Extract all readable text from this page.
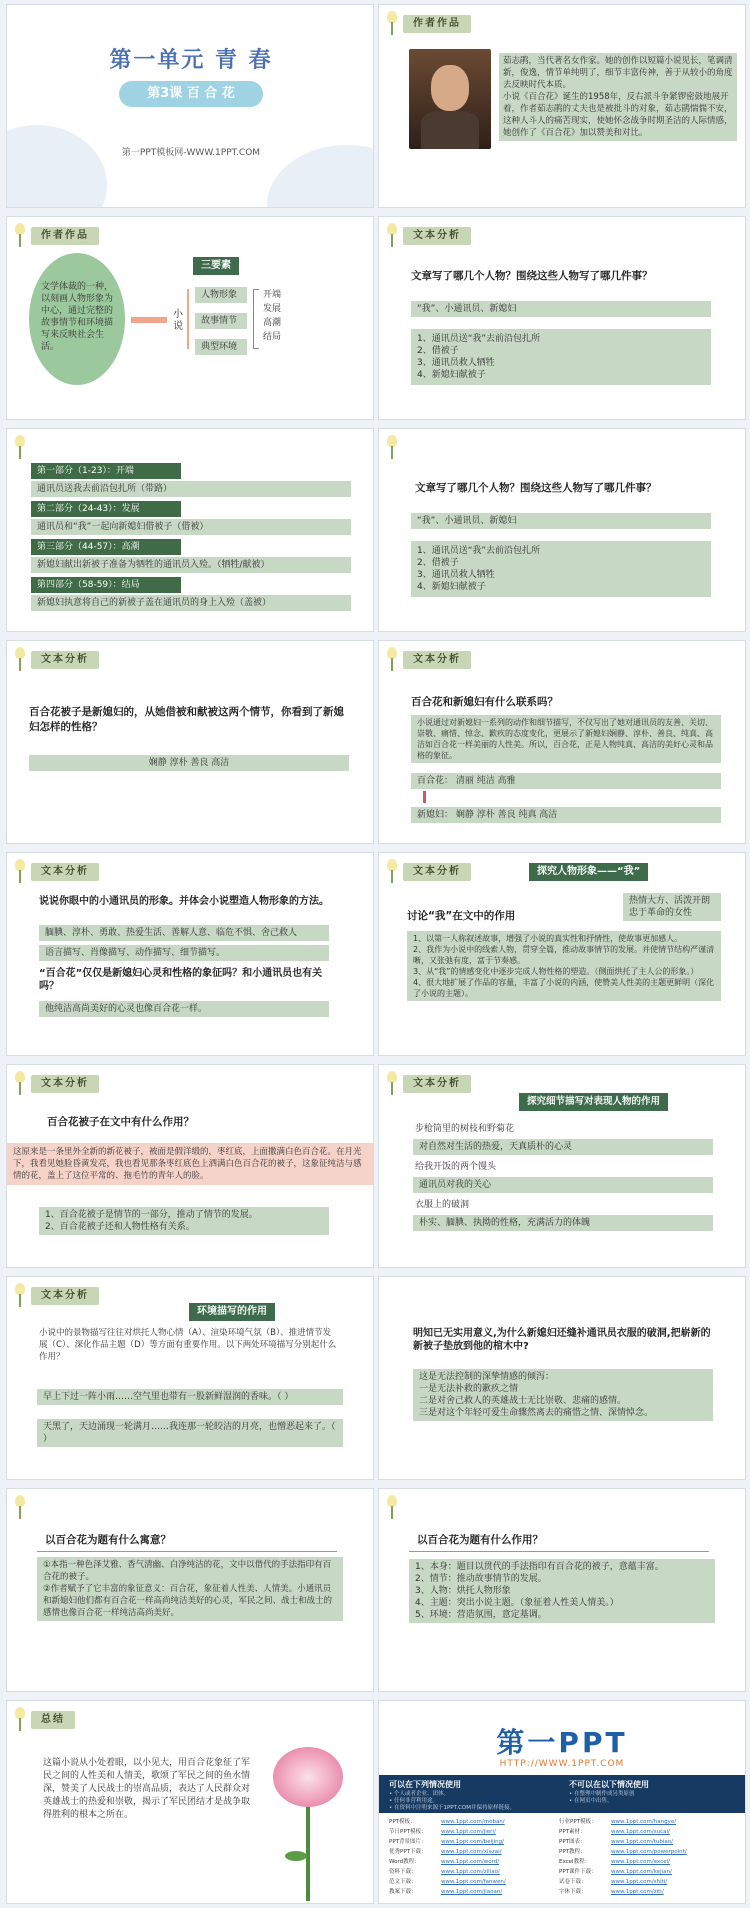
第一单元 青 春
第3课 百 合 花
第一PPT模板网-WWW.1PPT.COM
作者作品
茹志鹃，当代著名女作家。她的创作以短篇小说见长，笔调清新，俊逸，情节单纯明了，细节丰富传神，善于从较小的角度去反映时代本质。
小说《百合花》诞生的1958年，反右派斗争紧锣密鼓地展开着，作者茹志鹃的丈夫也是被批斗的对象，茹志鹃惴惴不安，这种人斗人的痛苦现实，使她怀念战争时期圣洁的人际情感，她创作了《百合花》加以赞美和对比。
作者作品
文学体裁的一种，以刻画人物形象为中心，通过完整的故事情节和环境描写来反映社会生活。
小说
三要素
人物形象
故事情节
典型环境
开端
发展
高潮
结局
文本分析
文章写了哪几个人物？围绕这些人物写了哪几件事？
“我”、小通讯员、新媳妇
1、通讯员送“我”去前沿包扎所
2、借被子
3、通讯员救人牺牲
4、新媳妇献被子
第一部分（1-23）：开端
通讯员送我去前沿包扎所（带路）
第二部分（24-43）：发展
通讯员和“我”一起向新媳妇借被子（借被）
第三部分（44-57）：高潮
新媳妇献出新被子准备为牺牲的通讯员入殓。（牺牲/献被）
第四部分（58-59）：结局
新媳妇执意将自己的新被子盖在通讯员的身上入殓（盖被）
文章写了哪几个人物？围绕这些人物写了哪几件事？
“我”、小通讯员、新媳妇
1、通讯员送“我”去前沿包扎所
2、借被子
3、通讯员救人牺牲
4、新媳妇献被子
文本分析
百合花被子是新媳妇的，从她借被和献被这两个情节，你看到了新媳妇怎样的性格？
娴静 淳朴 善良 高洁
文本分析
百合花和新媳妇有什么联系吗？
小说通过对新媳妇一系列的动作和细节描写，不仅写出了她对通讯员的友善、关切、崇敬、痛惜、悼念、歉疚的态度变化，更展示了新媳妇娴静、淳朴、善良、纯真、高洁如百合花一样美丽的人性美。所以，百合花，正是人物纯真、高洁的美好心灵和品格的象征。
百合花： 清丽 纯洁 高雅
新媳妇： 娴静 淳朴 善良 纯真 高洁
文本分析
说说你眼中的小通讯员的形象。并体会小说塑造人物形象的方法。
腼腆、淳朴、勇敢、热爱生活、善解人意、临危不惧、舍己救人
语言描写、肖像描写、动作描写、细节描写。
“百合花”仅仅是新媳妇心灵和性格的象征吗？和小通讯员也有关吗？
他纯洁高尚美好的心灵也像百合花一样。
文本分析	探究人物形象——“我”
热情大方、活泼开朗忠于革命的女性
讨论“我”在文中的作用
1、以第一人称叙述故事，增强了小说的真实性和抒情性，使故事更加感人。
2、我作为小说中的线索人物，贯穿全篇，推动故事情节的发展。并使情节结构严谨清晰，又张弛有度，富于节奏感。
3、从“我”的情感变化中逐步完成人物性格的塑造。（侧面烘托了主人公的形象。）
4、很大地扩展了作品的容量，丰富了小说的内涵，使赞美人性美的主题更鲜明（深化了小说的主题）。
文本分析
百合花被子在文中有什么作用？
这原来是一条里外全新的新花被子，被面是假洋缎的，枣红底，上面撒满白色百合花。在月光下，我看见她脸昏黄发亮，我也看见那条枣红底色上洒满白色百合花的被子，这象征纯洁与感情的花，盖上了这位平常的、拖毛竹的青年人的脸。
1、百合花被子是情节的一部分，推动了情节的发展。
2、百合花被子还和人物性格有关系。
文本分析
探究细节描写对表现人物的作用
步枪筒里的树枝和野菊花
对自然对生活的热爱，天真质朴的心灵
给我开饭的两个馒头
通讯员对我的关心
衣服上的破洞
朴实、腼腆、执拗的性格，充满活力的体魄
文本分析
环境描写的作用
小说中的景物描写往往对烘托人物心情（A）、渲染环境气氛（B）、推进情节发展（C）、深化作品主题（D）等方面有重要作用。以下两处环境描写分别起什么作用？
早上下过一阵小雨……空气里也带有一股新鲜湿润的香味。（ ）
天黑了，天边涌现一轮满月……我连那一轮皎洁的月亮，也憎恶起来了。（ ）
明知已无实用意义,为什么新媳妇还缝补通讯员衣服的破洞,把崭新的新被子垫放到他的棺木中?
这是无法控制的深挚情感的倾泻：
一是无法补救的歉疚之情
二是对舍己救人的英雄战士无比崇敬、悲痛的感情。
三是对这个年轻可爱生命骤然离去的痛惜之情、深情悼念。
以百合花为题有什么寓意？
①本指一种色泽艾雅、香气清幽、白净纯洁的花，文中以借代的手法指印有百合花的被子。
②作者赋予了它丰富的象征意义：百合花，象征着人性美、人情美。小通讯员和新媳妇他们都有百合花一样高尚纯洁美好的心灵，军民之间、战士和战士的感情也像百合花一样纯洁高尚美好。
以百合花为题有什么作用？
1、本身：题目以贯代的手法指印有百合花的被子，意蕴丰富。
2、情节：推动故事情节的发展。
3、人物：烘托人物形象
4、主题：突出小说主题。（象征着人性美人情美。）
5、环境：营造氛围，意定基调。
总结
这篇小说从小处着眼，以小见大，用百合花象征了军民之间的人性美和人情美，歌颂了军民之间的鱼水情深，赞美了人民战士的崇高品质，表达了人民群众对英雄战士的热爱和崇敬，揭示了军民团结才是战争取得胜利的根本之所在。
第一PPT
HTTP://WWW.1PPT.COM
可以在下列情况使用	不可以在以下情况使用
• 个人或者企业、团体。
• 任何非营利用途。
• 在资料中注明来源于1PPT.COM并保持原样链接。
• 在整理中制作成另类原创
• 在网页中出售。
PPT模板：	www.1ppt.com/moban/	行业PPT模板：	www.1ppt.com/hangye/
节日PPT模板：	www.1ppt.com/jieri/	PPT素材：	www.1ppt.com/sucai/
PPT背景图片：	www.1ppt.com/beijing/	PPT图表：	www.1ppt.com/tubiao/
优秀PPT下载：	www.1ppt.com/xiazai/	PPT教程：	www.1ppt.com/powerpoint/
Word教程：	www.1ppt.com/word/	Excel教程：	www.1ppt.com/excel/
资料下载：	www.1ppt.com/ziliao/	PPT课件下载：	www.1ppt.com/kejian/
范文下载：	www.1ppt.com/fanwen/	试卷下载：	www.1ppt.com/shiti/
教案下载：	www.1ppt.com/jiaoan/	字体下载：	www.1ppt.com/ziti/
